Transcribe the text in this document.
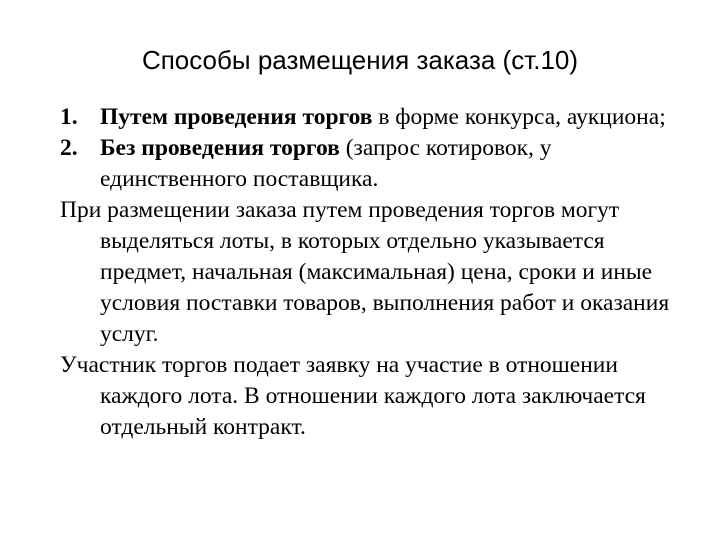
Способы размещения заказа (ст.10)
1. Путем проведения торгов в форме конкурса, аукциона;
2. Без проведения торгов (запрос котировок, у единственного поставщика.
При размещении заказа путем проведения торгов могут выделяться лоты, в которых отдельно указывается предмет, начальная (максимальная) цена, сроки и иные условия поставки товаров, выполнения работ и оказания услуг.
Участник торгов подает заявку на участие в отношении каждого лота. В отношении каждого лота заключается отдельный контракт.
